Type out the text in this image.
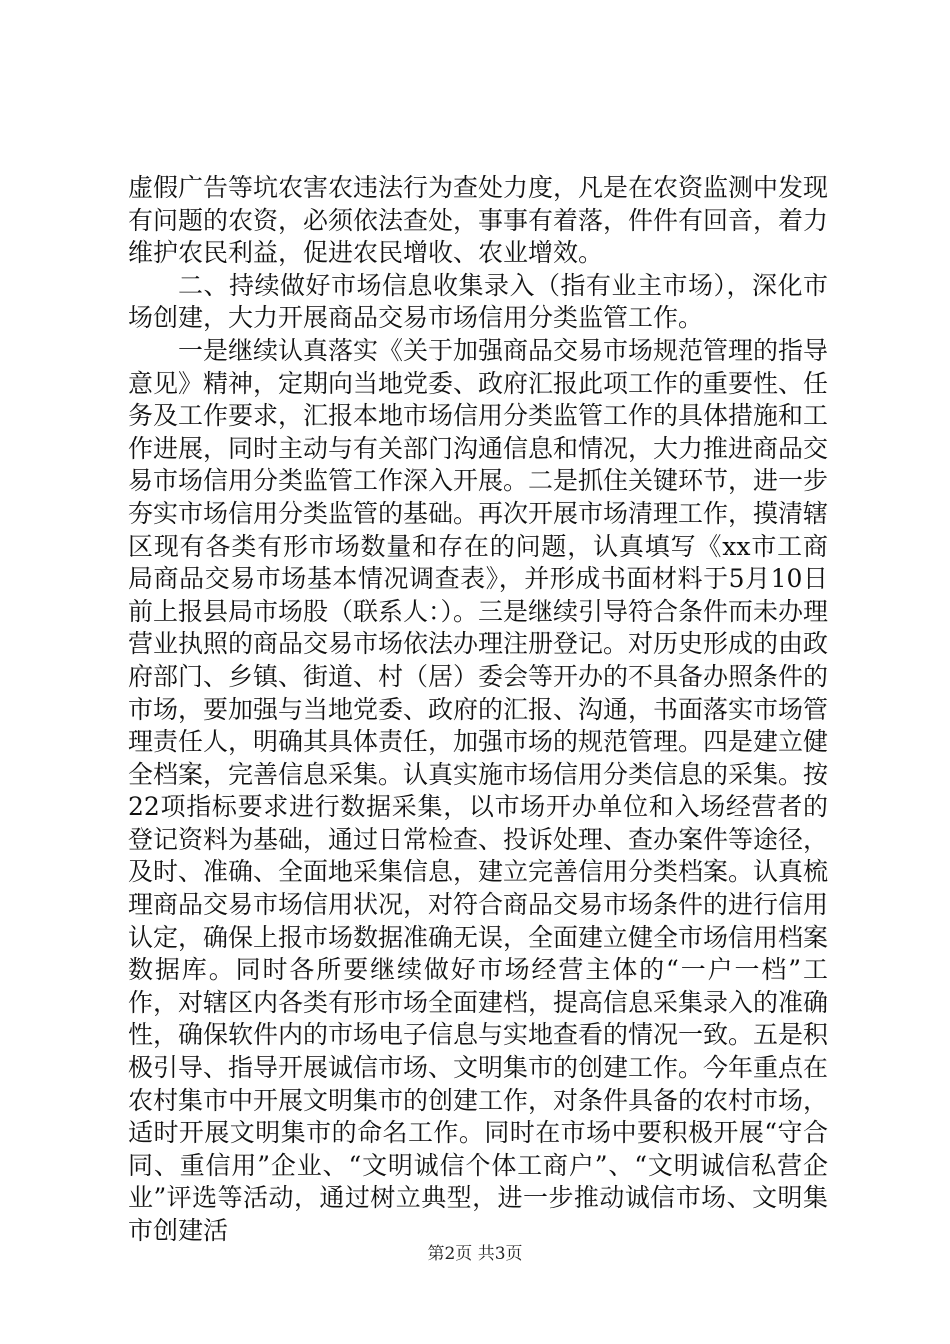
虚假广告等坑农害农违法行为查处力度，凡是在农资监测中发现有问题的农资，必须依法查处，事事有着落，件件有回音，着力维护农民利益，促进农民增收、农业增效。

二、持续做好市场信息收集录入（指有业主市场），深化市场创建，大力开展商品交易市场信用分类监管工作。

一是继续认真落实《关于加强商品交易市场规范管理的指导意见》精神，定期向当地党委、政府汇报此项工作的重要性、任务及工作要求，汇报本地市场信用分类监管工作的具体措施和工作进展，同时主动与有关部门沟通信息和情况，大力推进商品交易市场信用分类监管工作深入开展。二是抓住关键环节，进一步夯实市场信用分类监管的基础。再次开展市场清理工作，摸清辖区现有各类有形市场数量和存在的问题，认真填写《xx市工商局商品交易市场基本情况调查表》，并形成书面材料于5月10日前上报县局市场股（联系人：）。三是继续引导符合条件而未办理营业执照的商品交易市场依法办理注册登记。对历史形成的由政府部门、乡镇、街道、村（居）委会等开办的不具备办照条件的市场，要加强与当地党委、政府的汇报、沟通，书面落实市场管理责任人，明确其具体责任，加强市场的规范管理。四是建立健全档案，完善信息采集。认真实施市场信用分类信息的采集。按22项指标要求进行数据采集，以市场开办单位和入场经营者的登记资料为基础，通过日常检查、投诉处理、查办案件等途径，及时、准确、全面地采集信息，建立完善信用分类档案。认真梳理商品交易市场信用状况，对符合商品交易市场条件的进行信用认定，确保上报市场数据准确无误，全面建立健全市场信用档案数据库。同时各所要继续做好市场经营主体的“一户一档”工作，对辖区内各类有形市场全面建档，提高信息采集录入的准确性，确保软件内的市场电子信息与实地查看的情况一致。五是积极引导、指导开展诚信市场、文明集市的创建工作。今年重点在农村集市中开展文明集市的创建工作，对条件具备的农村市场，适时开展文明集市的命名工作。同时在市场中要积极开展“守合同、重信用”企业、“文明诚信个体工商户”、“文明诚信私营企业”评选等活动，通过树立典型，进一步推动诚信市场、文明集市创建活

第2页 共3页
